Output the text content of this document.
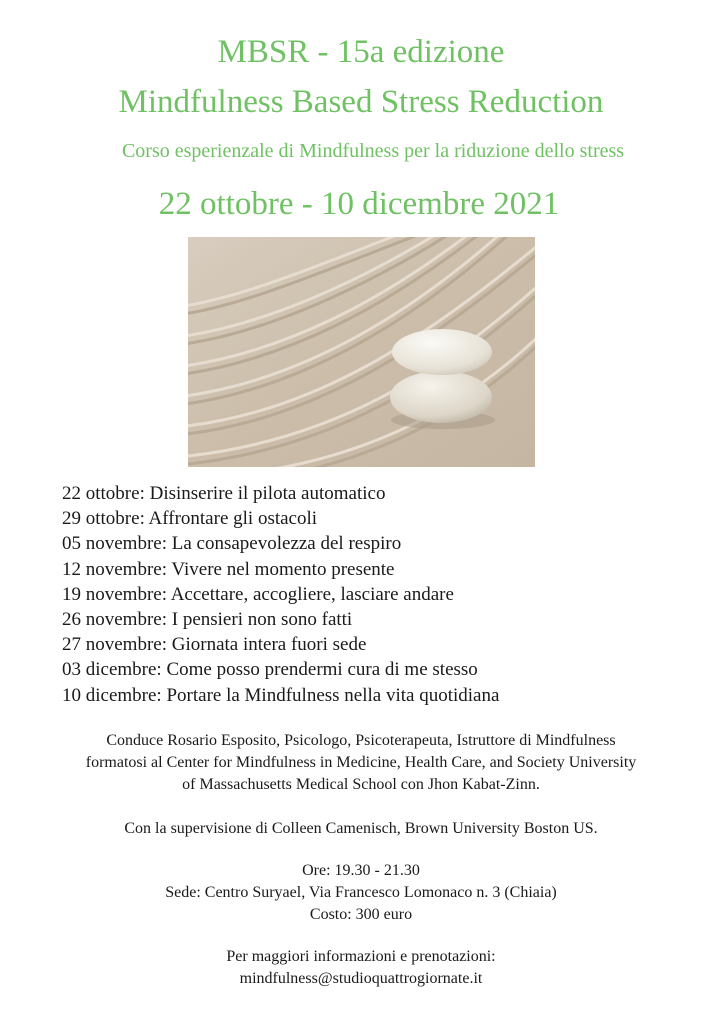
MBSR - 15a edizione
Mindfulness Based Stress Reduction
Corso esperienzale di Mindfulness per la riduzione dello stress
22 ottobre - 10 dicembre 2021
22 ottobre: Disinserire il pilota automatico
29 ottobre: Affrontare gli ostacoli
05 novembre: La consapevolezza del respiro
12 novembre: Vivere nel momento presente
19 novembre: Accettare, accogliere, lasciare andare
26 novembre: I pensieri non sono fatti
27 novembre: Giornata intera fuori sede
03 dicembre: Come posso prendermi cura di me stesso
10 dicembre: Portare la Mindfulness nella vita quotidiana
Conduce Rosario Esposito, Psicologo, Psicoterapeuta, Istruttore di Mindfulness
formatosi al Center for Mindfulness in Medicine, Health Care, and Society University
of Massachusetts Medical School con Jhon Kabat-Zinn.
Con la supervisione di Colleen Camenisch, Brown University Boston US.
Ore: 19.30 - 21.30
Sede: Centro Suryael, Via Francesco Lomonaco n. 3 (Chiaia)
Costo: 300 euro
Per maggiori informazioni e prenotazioni:
mindfulness@studioquattrogiornate.it
